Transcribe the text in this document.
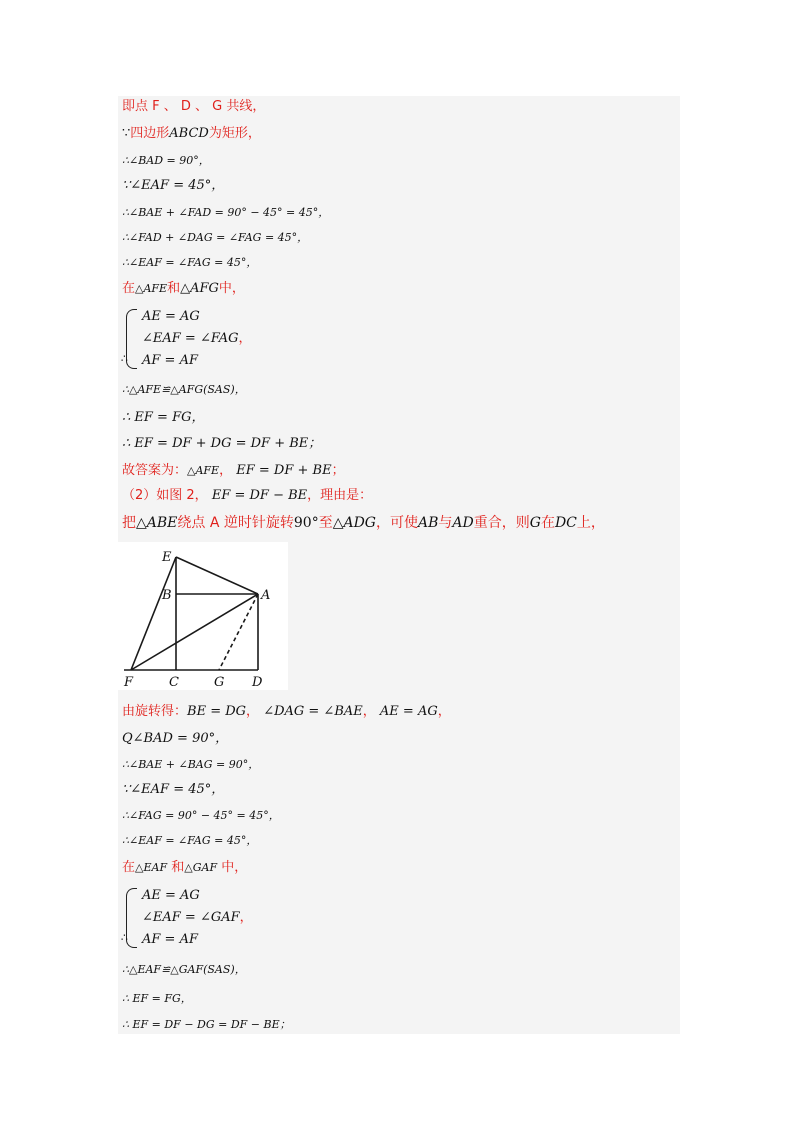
即点 F 、 D 、 G 共线，
∵四边形ABCD为矩形，
∴∠BAD = 90°，
∵∠EAF = 45°，
∴∠BAE + ∠FAD = 90° − 45° = 45°，
∴∠FAD + ∠DAG = ∠FAG = 45°，
∴∠EAF = ∠FAG = 45°，
在△AFE和△AFG中，
AE = AG
∠EAF = ∠FAG，
AF = AF
∴
∴△AFE≌△AFG(SAS)，
∴ EF = FG，
∴ EF = DF + DG = DF + BE；
故答案为：△AFE， EF = DF + BE；
（2）如图 2， EF = DF − BE，理由是：
把△ABE绕点 A 逆时针旋转90°至△ADG，可使AB与AD重合，则G在DC上，
E
B	A
F	C	G D
由旋转得：BE = DG， ∠DAG = ∠BAE， AE = AG，
Q∠BAD = 90°，
∴∠BAE + ∠BAG = 90°，
∵∠EAF = 45°，
∴∠FAG = 90° − 45° = 45°，
∴∠EAF = ∠FAG = 45°，
在△EAF 和△GAF 中，
AE = AG
∠EAF = ∠GAF，
AF = AF
∴
∴△EAF≌△GAF(SAS)，
∴ EF = FG，
∴ EF = DF − DG = DF − BE；
